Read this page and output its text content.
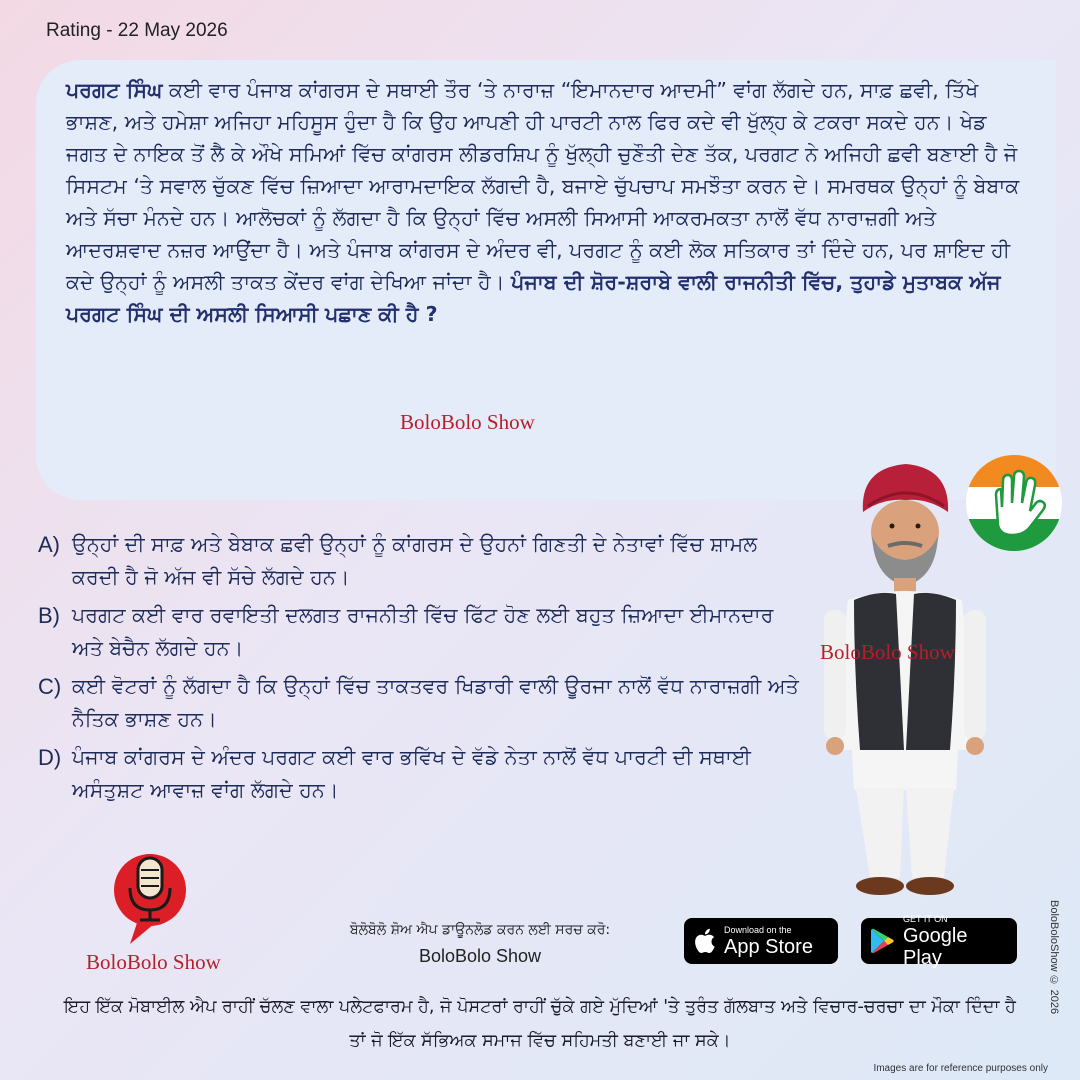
Rating - 22 May 2026

ਪਰਗਟ ਸਿੰਘ ਕਈ ਵਾਰ ਪੰਜਾਬ ਕਾਂਗਰਸ ਦੇ ਸਥਾਈ ਤੌਰ ‘ਤੇ ਨਾਰਾਜ਼ “ਇਮਾਨਦਾਰ ਆਦਮੀ” ਵਾਂਗ ਲੱਗਦੇ ਹਨ, ਸਾਫ਼ ਛਵੀ, ਤਿੱਖੇ ਭਾਸ਼ਣ, ਅਤੇ ਹਮੇਸ਼ਾ ਅਜਿਹਾ ਮਹਿਸੂਸ ਹੁੰਦਾ ਹੈ ਕਿ ਉਹ ਆਪਣੀ ਹੀ ਪਾਰਟੀ ਨਾਲ ਫਿਰ ਕਦੇ ਵੀ ਖੁੱਲ੍ਹ ਕੇ ਟਕਰਾ ਸਕਦੇ ਹਨ। ਖੇਡ ਜਗਤ ਦੇ ਨਾਇਕ ਤੋਂ ਲੈ ਕੇ ਔਖੇ ਸਮਿਆਂ ਵਿੱਚ ਕਾਂਗਰਸ ਲੀਡਰਸ਼ਿਪ ਨੂੰ ਖੁੱਲ੍ਹੀ ਚੁਣੌਤੀ ਦੇਣ ਤੱਕ, ਪਰਗਟ ਨੇ ਅਜਿਹੀ ਛਵੀ ਬਣਾਈ ਹੈ ਜੋ ਸਿਸਟਮ ‘ਤੇ ਸਵਾਲ ਚੁੱਕਣ ਵਿੱਚ ਜ਼ਿਆਦਾ ਆਰਾਮਦਾਇਕ ਲੱਗਦੀ ਹੈ, ਬਜਾਏ ਚੁੱਪਚਾਪ ਸਮਝੌਤਾ ਕਰਨ ਦੇ। ਸਮਰਥਕ ਉਨ੍ਹਾਂ ਨੂੰ ਬੇਬਾਕ ਅਤੇ ਸੱਚਾ ਮੰਨਦੇ ਹਨ। ਆਲੋਚਕਾਂ ਨੂੰ ਲੱਗਦਾ ਹੈ ਕਿ ਉਨ੍ਹਾਂ ਵਿੱਚ ਅਸਲੀ ਸਿਆਸੀ ਆਕਰਮਕਤਾ ਨਾਲੋਂ ਵੱਧ ਨਾਰਾਜ਼ਗੀ ਅਤੇ ਆਦਰਸ਼ਵਾਦ ਨਜ਼ਰ ਆਉਂਦਾ ਹੈ। ਅਤੇ ਪੰਜਾਬ ਕਾਂਗਰਸ ਦੇ ਅੰਦਰ ਵੀ, ਪਰਗਟ ਨੂੰ ਕਈ ਲੋਕ ਸਤਿਕਾਰ ਤਾਂ ਦਿੰਦੇ ਹਨ, ਪਰ ਸ਼ਾਇਦ ਹੀ ਕਦੇ ਉਨ੍ਹਾਂ ਨੂੰ ਅਸਲੀ ਤਾਕਤ ਕੇਂਦਰ ਵਾਂਗ ਦੇਖਿਆ ਜਾਂਦਾ ਹੈ। ਪੰਜਾਬ ਦੀ ਸ਼ੋਰ-ਸ਼ਰਾਬੇ ਵਾਲੀ ਰਾਜਨੀਤੀ ਵਿੱਚ, ਤੁਹਾਡੇ ਮੁਤਾਬਕ ਅੱਜ ਪਰਗਟ ਸਿੰਘ ਦੀ ਅਸਲੀ ਸਿਆਸੀ ਪਛਾਣ ਕੀ ਹੈ ?

BoloBolo Show
A) ਉਨ੍ਹਾਂ ਦੀ ਸਾਫ਼ ਅਤੇ ਬੇਬਾਕ ਛਵੀ ਉਨ੍ਹਾਂ ਨੂੰ ਕਾਂਗਰਸ ਦੇ ਉਹਨਾਂ ਗਿਣਤੀ ਦੇ ਨੇਤਾਵਾਂ ਵਿੱਚ ਸ਼ਾਮਲ ਕਰਦੀ ਹੈ ਜੋ ਅੱਜ ਵੀ ਸੱਚੇ ਲੱਗਦੇ ਹਨ।
B) ਪਰਗਟ ਕਈ ਵਾਰ ਰਵਾਇਤੀ ਦਲਗਤ ਰਾਜਨੀਤੀ ਵਿੱਚ ਫਿੱਟ ਹੋਣ ਲਈ ਬਹੁਤ ਜ਼ਿਆਦਾ ਈਮਾਨਦਾਰ ਅਤੇ ਬੇਚੈਨ ਲੱਗਦੇ ਹਨ।
C) ਕਈ ਵੋਟਰਾਂ ਨੂੰ ਲੱਗਦਾ ਹੈ ਕਿ ਉਨ੍ਹਾਂ ਵਿੱਚ ਤਾਕਤਵਰ ਖਿਡਾਰੀ ਵਾਲੀ ਊਰਜਾ ਨਾਲੋਂ ਵੱਧ ਨਾਰਾਜ਼ਗੀ ਅਤੇ ਨੈਤਿਕ ਭਾਸ਼ਣ ਹਨ।
D) ਪੰਜਾਬ ਕਾਂਗਰਸ ਦੇ ਅੰਦਰ ਪਰਗਟ ਕਈ ਵਾਰ ਭਵਿੱਖ ਦੇ ਵੱਡੇ ਨੇਤਾ ਨਾਲੋਂ ਵੱਧ ਪਾਰਟੀ ਦੀ ਸਥਾਈ ਅਸੰਤੁਸ਼ਟ ਆਵਾਜ਼ ਵਾਂਗ ਲੱਗਦੇ ਹਨ।
BoloBolo Show
BoloBolo Show
ਬੋਲੋਬੋਲੋ ਸ਼ੋਅ ਐਪ ਡਾਊਨਲੋਡ ਕਰਨ ਲਈ ਸਰਚ ਕਰੋ:
BoloBolo Show
Download on the
App Store
GET IT ON
Google Play
ਇਹ ਇੱਕ ਮੋਬਾਈਲ ਐਪ ਰਾਹੀਂ ਚੱਲਣ ਵਾਲਾ ਪਲੇਟਫਾਰਮ ਹੈ, ਜੋ ਪੋਸਟਰਾਂ ਰਾਹੀਂ ਚੁੱਕੇ ਗਏ ਮੁੱਦਿਆਂ 'ਤੇ ਤੁਰੰਤ ਗੱਲਬਾਤ ਅਤੇ ਵਿਚਾਰ-ਚਰਚਾ ਦਾ ਮੌਕਾ ਦਿੰਦਾ ਹੈ ਤਾਂ ਜੋ ਇੱਕ ਸੱਭਿਅਕ ਸਮਾਜ ਵਿੱਚ ਸਹਿਮਤੀ ਬਣਾਈ ਜਾ ਸਕੇ।
BoloBoloShow © 2026
Images are for reference purposes only
